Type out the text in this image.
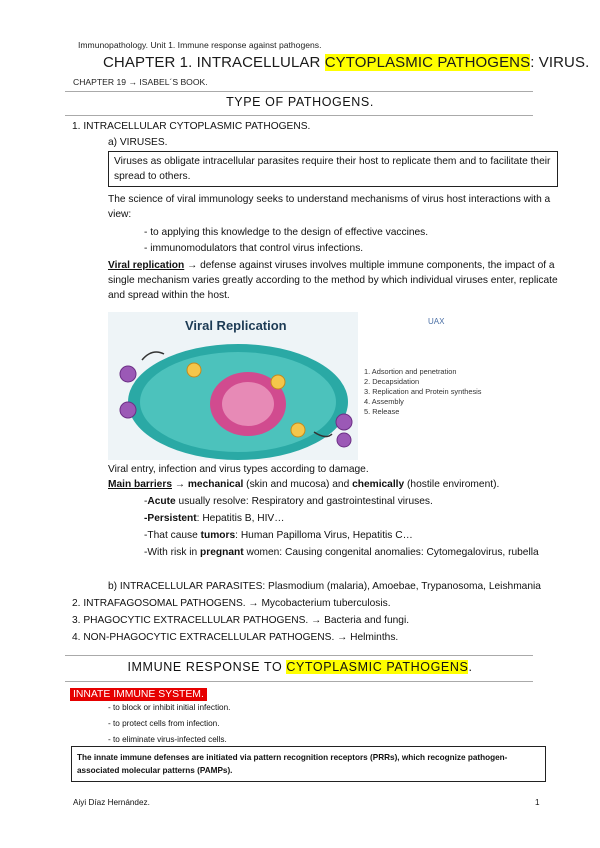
Immunopathology. Unit 1. Immune response against pathogens.
CHAPTER 1. INTRACELLULAR CYTOPLASMIC PATHOGENS: VIRUS.
CHAPTER 19 → ISABEL´S BOOK.
TYPE OF PATHOGENS.
1. INTRACELLULAR CYTOPLASMIC PATHOGENS.
a) VIRUSES.
Viruses as obligate intracellular parasites require their host to replicate them and to facilitate their spread to others.
The science of viral immunology seeks to understand mechanisms of virus host interactions with a view:
- to applying this knowledge to the design of effective vaccines.
- immunomodulators that control virus infections.
Viral replication → defense against viruses involves multiple immune components, the impact of a single mechanism varies greatly according to the method by which individual viruses enter, replicate and spread within the host.
Viral Replication	UAX
1. Adsortion and penetration
2. Decapsidation
3. Replication and Protein synthesis
4. Assembly
5. Release
Viral entry, infection and virus types according to damage.
Main barriers → mechanical (skin and mucosa) and chemically (hostile enviroment).
-Acute usually resolve: Respiratory and gastrointestinal viruses.
-Persistent: Hepatitis B, HIV…
-That cause tumors: Human Papilloma Virus, Hepatitis C…
-With risk in pregnant women: Causing congenital anomalies: Cytomegalovirus, rubella
b) INTRACELLULAR PARASITES: Plasmodium (malaria), Amoebae, Trypanosoma, Leishmania
2. INTRAFAGOSOMAL PATHOGENS. → Mycobacterium tuberculosis.
3. PHAGOCYTIC EXTRACELLULAR PATHOGENS. → Bacteria and fungi.
4. NON-PHAGOCYTIC EXTRACELLULAR PATHOGENS. → Helminths.
IMMUNE RESPONSE TO CYTOPLASMIC PATHOGENS.
INNATE IMMUNE SYSTEM.
- to block or inhibit initial infection.
- to protect cells from infection.
- to eliminate virus-infected cells.
The innate immune defenses are initiated via pattern recognition receptors (PRRs), which recognize pathogen-associated molecular patterns (PAMPs).
Aiyi Díaz Hernández.	1
